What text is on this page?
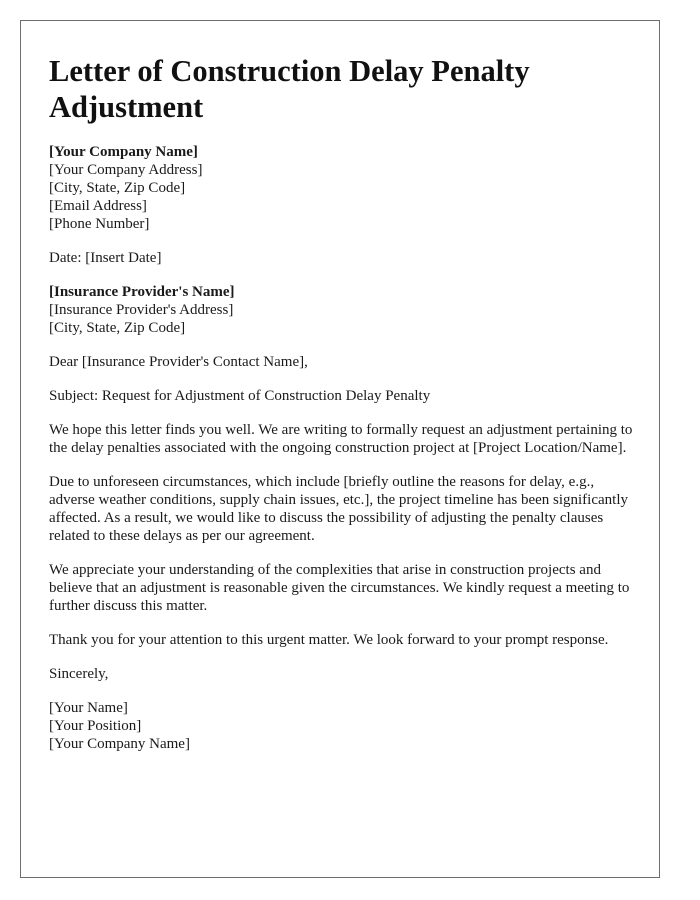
Letter of Construction Delay Penalty Adjustment
[Your Company Name]
[Your Company Address]
[City, State, Zip Code]
[Email Address]
[Phone Number]
Date: [Insert Date]
[Insurance Provider's Name]
[Insurance Provider's Address]
[City, State, Zip Code]
Dear [Insurance Provider's Contact Name],
Subject: Request for Adjustment of Construction Delay Penalty

We hope this letter finds you well. We are writing to formally request an adjustment pertaining to the delay penalties associated with the ongoing construction project at [Project Location/Name].

Due to unforeseen circumstances, which include [briefly outline the reasons for delay, e.g., adverse weather conditions, supply chain issues, etc.], the project timeline has been significantly affected. As a result, we would like to discuss the possibility of adjusting the penalty clauses related to these delays as per our agreement.

We appreciate your understanding of the complexities that arise in construction projects and believe that an adjustment is reasonable given the circumstances. We kindly request a meeting to further discuss this matter.

Thank you for your attention to this urgent matter. We look forward to your prompt response.

Sincerely,
[Your Name]
[Your Position]
[Your Company Name]
